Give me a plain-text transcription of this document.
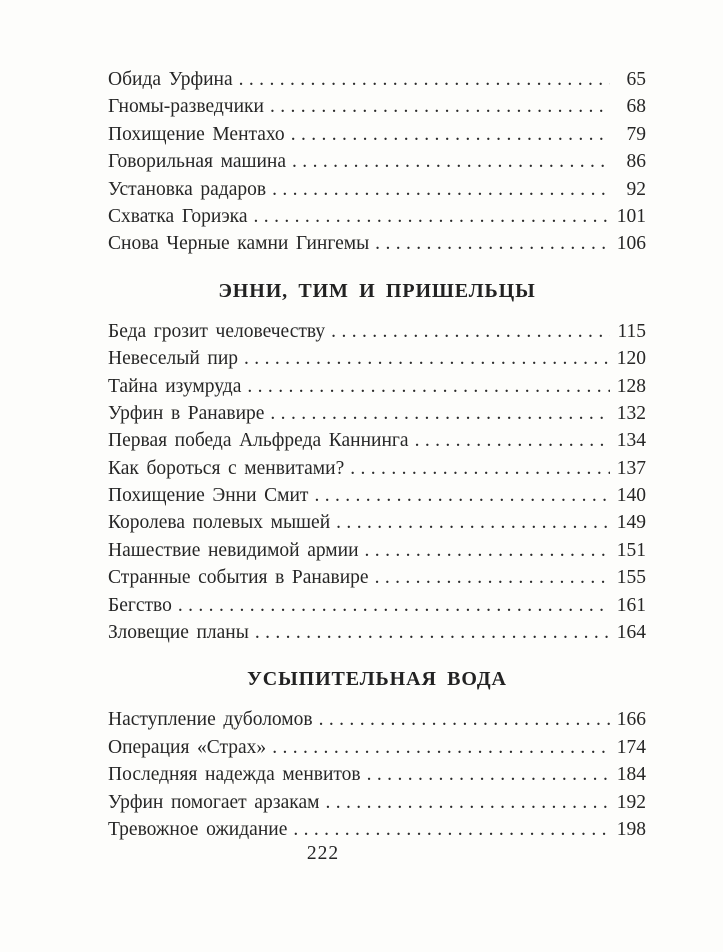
Обида Урфина .....	65
Гномы-разведчики .....	68
Похищение Ментахо .....	79
Говорильная машина .....	86
Установка радаров .....	92
Схватка Гориэка .....	101
Снова Черные камни Гингемы .....	106
ЭННИ, ТИМ И ПРИШЕЛЬЦЫ
Беда грозит человечеству .....	115
Невеселый пир .....	120
Тайна изумруда .....	128
Урфин в Ранавире .....	132
Первая победа Альфреда Каннинга .....	134
Как бороться с менвитами? .....	137
Похищение Энни Смит .....	140
Королева полевых мышей .....	149
Нашествие невидимой армии .....	151
Странные события в Ранавире .....	155
Бегство .....	161
Зловещие планы .....	164
УСЫПИТЕЛЬНАЯ ВОДА
Наступление дуболомов .....	166
Операция «Страх» .....	174
Последняя надежда менвитов .....	184
Урфин помогает арзакам .....	192
Тревожное ожидание .....	198
222
